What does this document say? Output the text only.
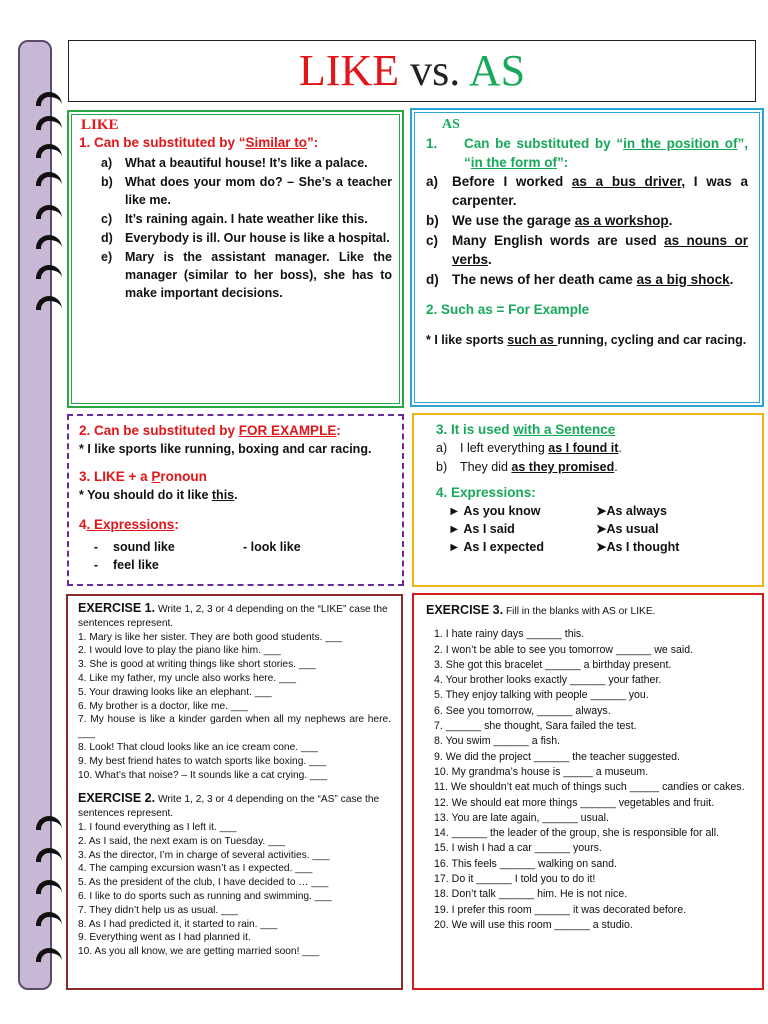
LIKE vs. AS
LIKE
1. Can be substituted by “Similar to”:
a)	What a beautiful house! It’s like a palace.
b) What does your mom do? – She’s a teacher like me.
c)	It’s raining again. I hate weather like this.
d) Everybody is ill. Our house is like a hospital.
e)	Mary is the assistant manager. Like the manager (similar to her boss), she has to make important decisions.
AS
1.	Can be substituted by “in the position of”, “in the form of”:
a)	Before I worked as a bus driver, I was a carpenter.
b) We use the garage as a workshop.
c)	Many English words are used as nouns or verbs.
d) The news of her death came as a big shock.
2. Such as = For Example
* I like sports such as running, cycling and car racing.
2. Can be substituted by FOR EXAMPLE:
* I like sports like running, boxing and car racing.
3. LIKE + a Pronoun
* You should do it like this.
4. Expressions:
-	sound like	- look like
-	feel like
3. It is used with a Sentence
a)	I left everything as I found it.
b)	They did as they promised.
4. Expressions:
► As you know	➤As always
► As I said	➤As usual
► As I expected	➤As I thought
EXERCISE 1. Write 1, 2, 3 or 4 depending on the “LIKE” case the sentences represent.
1. Mary is like her sister. They are both good students. ___
2. I would love to play the piano like him. ___
3. She is good at writing things like short stories. ___
4. Like my father, my uncle also works here. ___
5. Your drawing looks like an elephant. ___
6. My brother is a doctor, like me. ___
7. My house is like a kinder garden when all my nephews are here. ___
8. Look! That cloud looks like an ice cream cone. ___
9. My best friend hates to watch sports like boxing. ___
10. What’s that noise? – It sounds like a cat crying. ___
EXERCISE 2. Write 1, 2, 3 or 4 depending on the “AS” case the sentences represent.
1. I found everything as I left it. ___
2. As I said, the next exam is on Tuesday. ___
3. As the director, I’m in charge of several activities. ___
4. The camping excursion wasn’t as I expected. ___
5. As the president of the club, I have decided to … ___
6. I like to do sports such as running and swimming. ___
7. They didn’t help us as usual. ___
8. As I had predicted it, it started to rain. ___
9. Everything went as I had planned it.
10. As you all know, we are getting married soon! ___
EXERCISE 3. Fill in the blanks with AS or LIKE.
1. I hate rainy days ______ this.
2. I won’t be able to see you tomorrow ______ we said.
3. She got this bracelet ______ a birthday present.
4. Your brother looks exactly ______ your father.
5. They enjoy talking with people ______ you.
6. See you tomorrow, ______ always.
7. ______ she thought, Sara failed the test.
8. You swim ______ a fish.
9. We did the project ______ the teacher suggested.
10. My grandma’s house is _____ a museum.
11. We shouldn’t eat much of things such _____ candies or cakes.
12. We should eat more things ______ vegetables and fruit.
13. You are late again, ______ usual.
14. ______ the leader of the group, she is responsible for all.
15. I wish I had a car ______ yours.
16. This feels ______ walking on sand.
17. Do it ______ I told you to do it!
18. Don’t talk ______ him. He is not nice.
19. I prefer this room ______ it was decorated before.
20. We will use this room ______ a studio.
